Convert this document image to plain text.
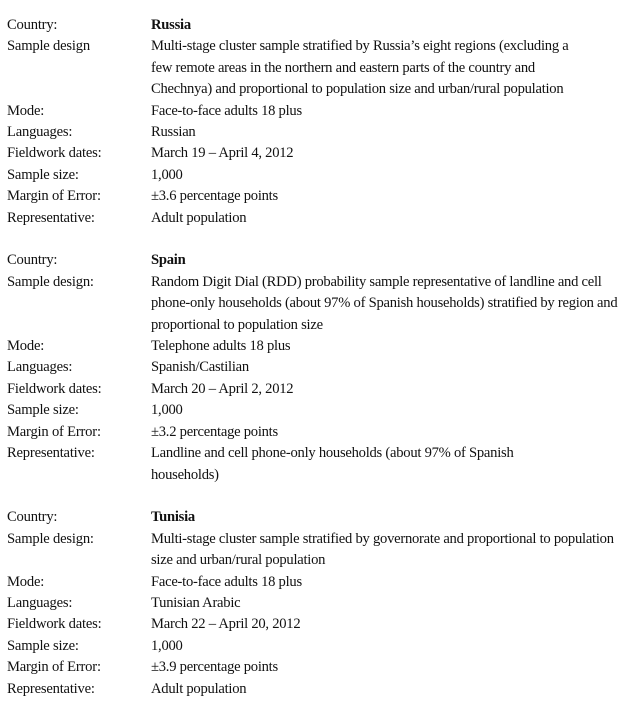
Country:	Russia
Sample design	Multi-stage cluster sample stratified by Russia’s eight regions (excluding a few remote areas in the northern and eastern parts of the country and Chechnya) and proportional to population size and urban/rural population
Mode:	Face-to-face adults 18 plus
Languages:	Russian
Fieldwork dates:	March 19 – April 4, 2012
Sample size:	1,000
Margin of Error:	±3.6 percentage points
Representative:	Adult population
Country:	Spain
Sample design:	Random Digit Dial (RDD) probability sample representative of landline and cell phone-only households (about 97% of Spanish households) stratified by region and proportional to population size
Mode:	Telephone adults 18 plus
Languages:	Spanish/Castilian
Fieldwork dates:	March 20 – April 2, 2012
Sample size:	1,000
Margin of Error:	±3.2 percentage points
Representative:	Landline and cell phone-only households (about 97% of Spanish households)
Country:	Tunisia
Sample design:	Multi-stage cluster sample stratified by governorate and proportional to population size and urban/rural population
Mode:	Face-to-face adults 18 plus
Languages:	Tunisian Arabic
Fieldwork dates:	March 22 – April 20, 2012
Sample size:	1,000
Margin of Error:	±3.9 percentage points
Representative:	Adult population
